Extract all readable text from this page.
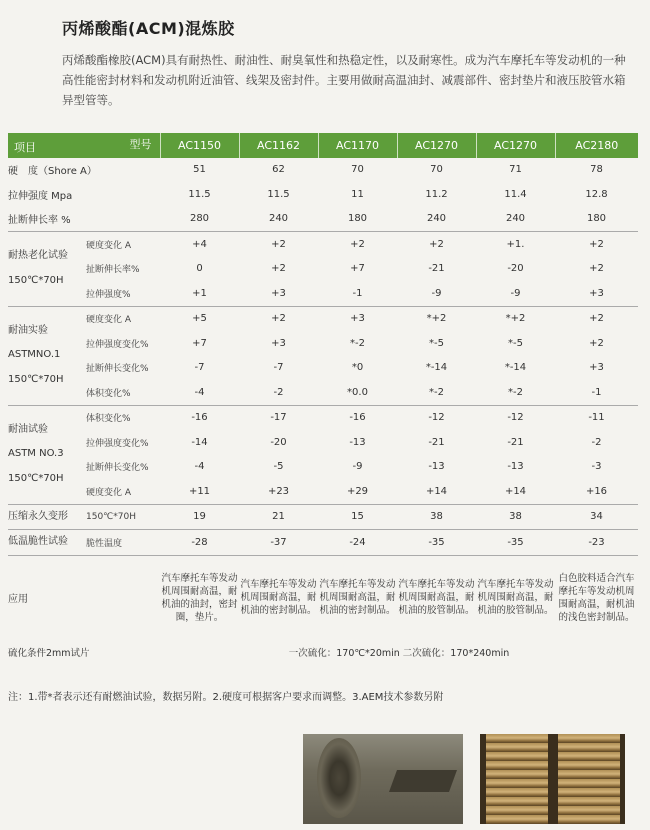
丙烯酸酯(ACM)混炼胶
丙烯酸酯橡胶(ACM)具有耐热性、耐油性、耐臭氧性和热稳定性，以及耐寒性。成为汽车摩托车等发动机的一种高性能密封材料和发动机附近油管、线架及密封件。主要用做耐高温油封、减震部件、密封垫片和液压胶管水箱异型管等。
型号
项目		AC1150	AC1162	AC1170	AC1270	AC1270	AC2180
硬　度（Shore A）		51	62	70	70	71	78
拉伸强度 Mpa		11.5	11.5	11	11.2	11.4	12.8
扯断伸长率 %		280	240	180	240	240	180

耐热老化试验
150℃*70H	硬度变化 A	+4	+2	+2	+2	+1.	+2
	扯断伸长率%	0	+2	+7	-21	-20	+2
	拉伸强度%	+1	+3	-1	-9	-9	+3

耐油实验
ASTMNO.1
150℃*70H	硬度变化 A	+5	+2	+3	*+2	*+2	+2
	拉伸强度变化%	+7	+3	*-2	*-5	*-5	+2
	扯断伸长变化%	-7	-7	*0	*-14	*-14	+3
	体积变化%	-4	-2	*0.0	*-2	*-2	-1

耐油试验
ASTM NO.3
150℃*70H	体积变化%	-16	-17	-16	-12	-12	-11
	拉伸强度变化%	-14	-20	-13	-21	-21	-2
	扯断伸长变化%	-4	-5	-9	-13	-13	-3
	硬度变化 A	+11	+23	+29	+14	+14	+16

压缩永久变形	150℃*70H	19	21	15	38	38	34

低温脆性试验	脆性温度	-28	-37	-24	-35	-35	-23
应用		汽车摩托车等发动机周围耐高温，耐机油的油封，密封圈，垫片。	汽车摩托车等发动机周围耐高温，耐机油的密封制品。	汽车摩托车等发动机周围耐高温，耐机油的密封制品。	汽车摩托车等发动机周围耐高温，耐机油的胶管制品。	汽车摩托车等发动机周围耐高温，耐机油的胶管制品。	白色胶料适合汽车摩托车等发动机周围耐高温，耐机油的浅色密封制品。
硫化条件2mm试片		一次硫化：170℃*20min 二次硫化：170*240min					
注：1.带*者表示还有耐燃油试验，数据另附。2.硬度可根据客户要求而调整。3.AEM技术参数另附
